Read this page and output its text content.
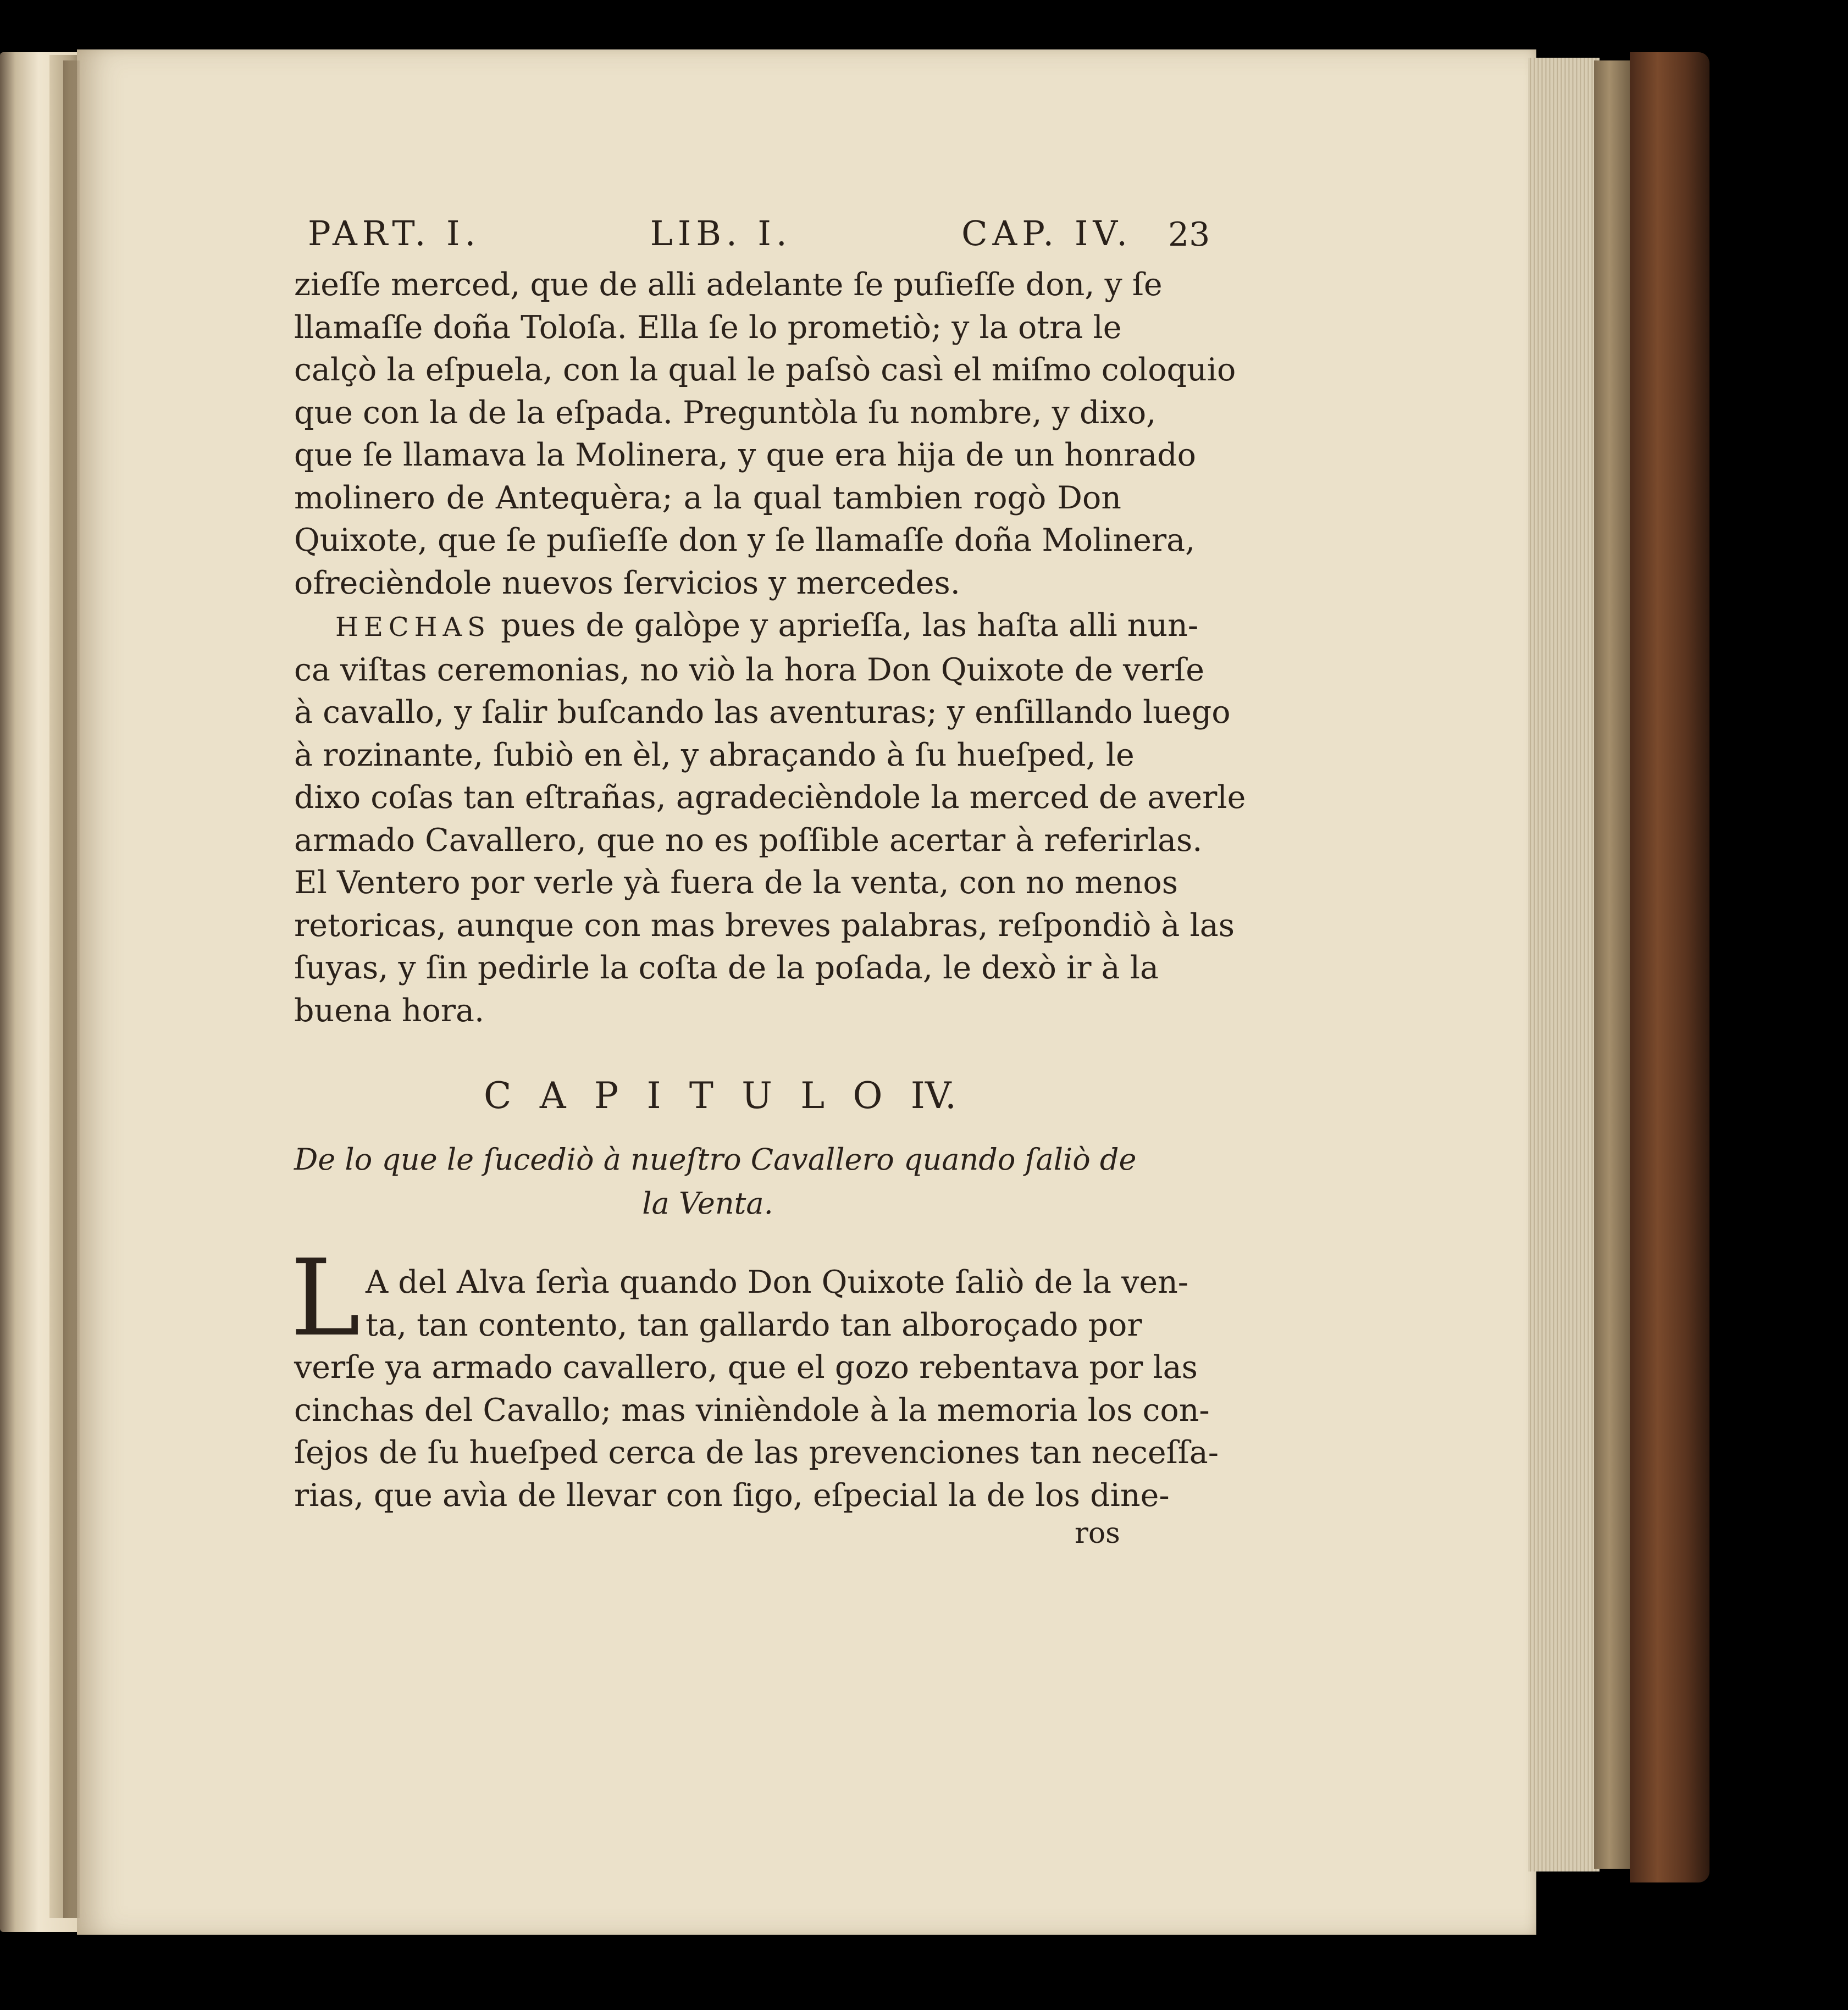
PART. I.	LIB. I.	CAP. IV. 23
zieſſe merced, que de alli adelante ſe puſieſſe don, y ſe
llamaſſe doña Toloſa. Ella ſe lo prometiò; y la otra le
calçò la eſpuela, con la qual le paſsò casì el miſmo coloquio
que con la de la eſpada. Preguntòla ſu nombre, y dixo,
que ſe llamava la Molinera, y que era hija de un honrado
molinero de Antequèra; a la qual tambien rogò Don
Quixote, que ſe puſieſſe don y ſe llamaſſe doña Molinera,
ofrecièndole nuevos ſervicios y mercedes.
HECHAS pues de galòpe y aprieſſa, las haſta alli nun-
ca viſtas ceremonias, no viò la hora Don Quixote de verſe
à cavallo, y ſalir buſcando las aventuras; y enſillando luego
à rozinante, ſubiò en èl, y abraçando à ſu hueſped, le
dixo coſas tan eſtrañas, agradecièndole la merced de averle
armado Cavallero, que no es poſſible acertar à referirlas.
El Ventero por verle yà fuera de la venta, con no menos
retoricas, aunque con mas breves palabras, reſpondiò à las
ſuyas, y ſin pedirle la coſta de la poſada, le dexò ir à la
buena hora.
C A P I T U L O IV.
De lo que le ſucediò à nueſtro Cavallero quando ſaliò de
la Venta.
L A del Alva ſerìa quando Don Quixote ſaliò de la ven-
ta, tan contento, tan gallardo tan alboroçado por
verſe ya armado cavallero, que el gozo rebentava por las
cinchas del Cavallo; mas vinièndole à la memoria los con-
ſejos de ſu hueſped cerca de las prevenciones tan neceſſa-
rias, que avìa de llevar con ſigo, eſpecial la de los dine-
ros
